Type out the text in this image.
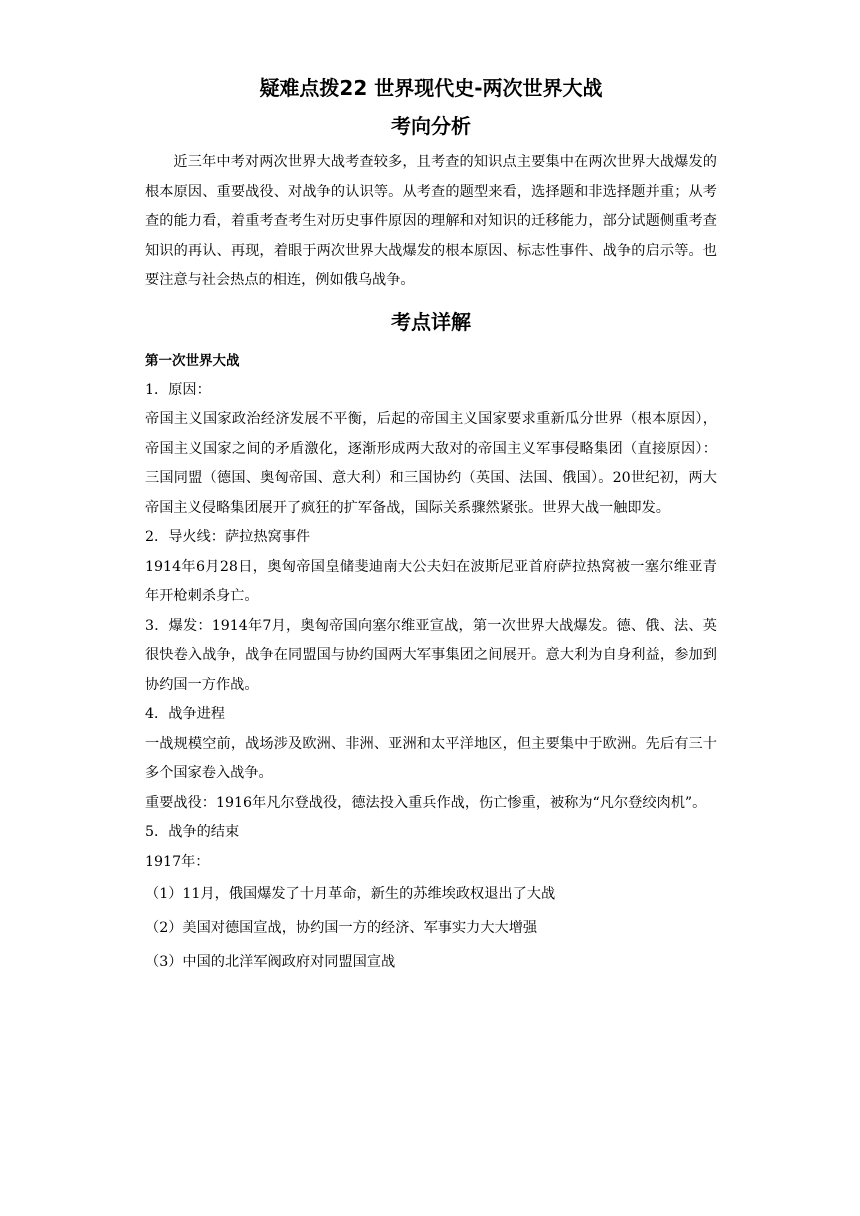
疑难点拨22 世界现代史-两次世界大战
考向分析

近三年中考对两次世界大战考查较多，且考查的知识点主要集中在两次世界大战爆发的根本原因、重要战役、对战争的认识等。从考查的题型来看，选择题和非选择题并重；从考查的能力看，着重考查考生对历史事件原因的理解和对知识的迁移能力，部分试题侧重考查知识的再认、再现，着眼于两次世界大战爆发的根本原因、标志性事件、战争的启示等。也要注意与社会热点的相连，例如俄乌战争。

考点详解

第一次世界大战

1．原因：

帝国主义国家政治经济发展不平衡，后起的帝国主义国家要求重新瓜分世界（根本原因），帝国主义国家之间的矛盾激化，逐渐形成两大敌对的帝国主义军事侵略集团（直接原因）：三国同盟（德国、奥匈帝国、意大利）和三国协约（英国、法国、俄国）。20世纪初，两大帝国主义侵略集团展开了疯狂的扩军备战，国际关系骤然紧张。世界大战一触即发。

2．导火线：萨拉热窝事件

1914年6月28日，奥匈帝国皇储斐迪南大公夫妇在波斯尼亚首府萨拉热窝被一塞尔维亚青年开枪刺杀身亡。

3．爆发：1914年7月，奥匈帝国向塞尔维亚宣战，第一次世界大战爆发。德、俄、法、英很快卷入战争，战争在同盟国与协约国两大军事集团之间展开。意大利为自身利益，参加到协约国一方作战。

4．战争进程

一战规模空前，战场涉及欧洲、非洲、亚洲和太平洋地区，但主要集中于欧洲。先后有三十多个国家卷入战争。

重要战役：1916年凡尔登战役，德法投入重兵作战，伤亡惨重，被称为“凡尔登绞肉机”。

5．战争的结束

1917年：

（1）11月，俄国爆发了十月革命，新生的苏维埃政权退出了大战

（2）美国对德国宣战，协约国一方的经济、军事实力大大增强

（3）中国的北洋军阀政府对同盟国宣战
